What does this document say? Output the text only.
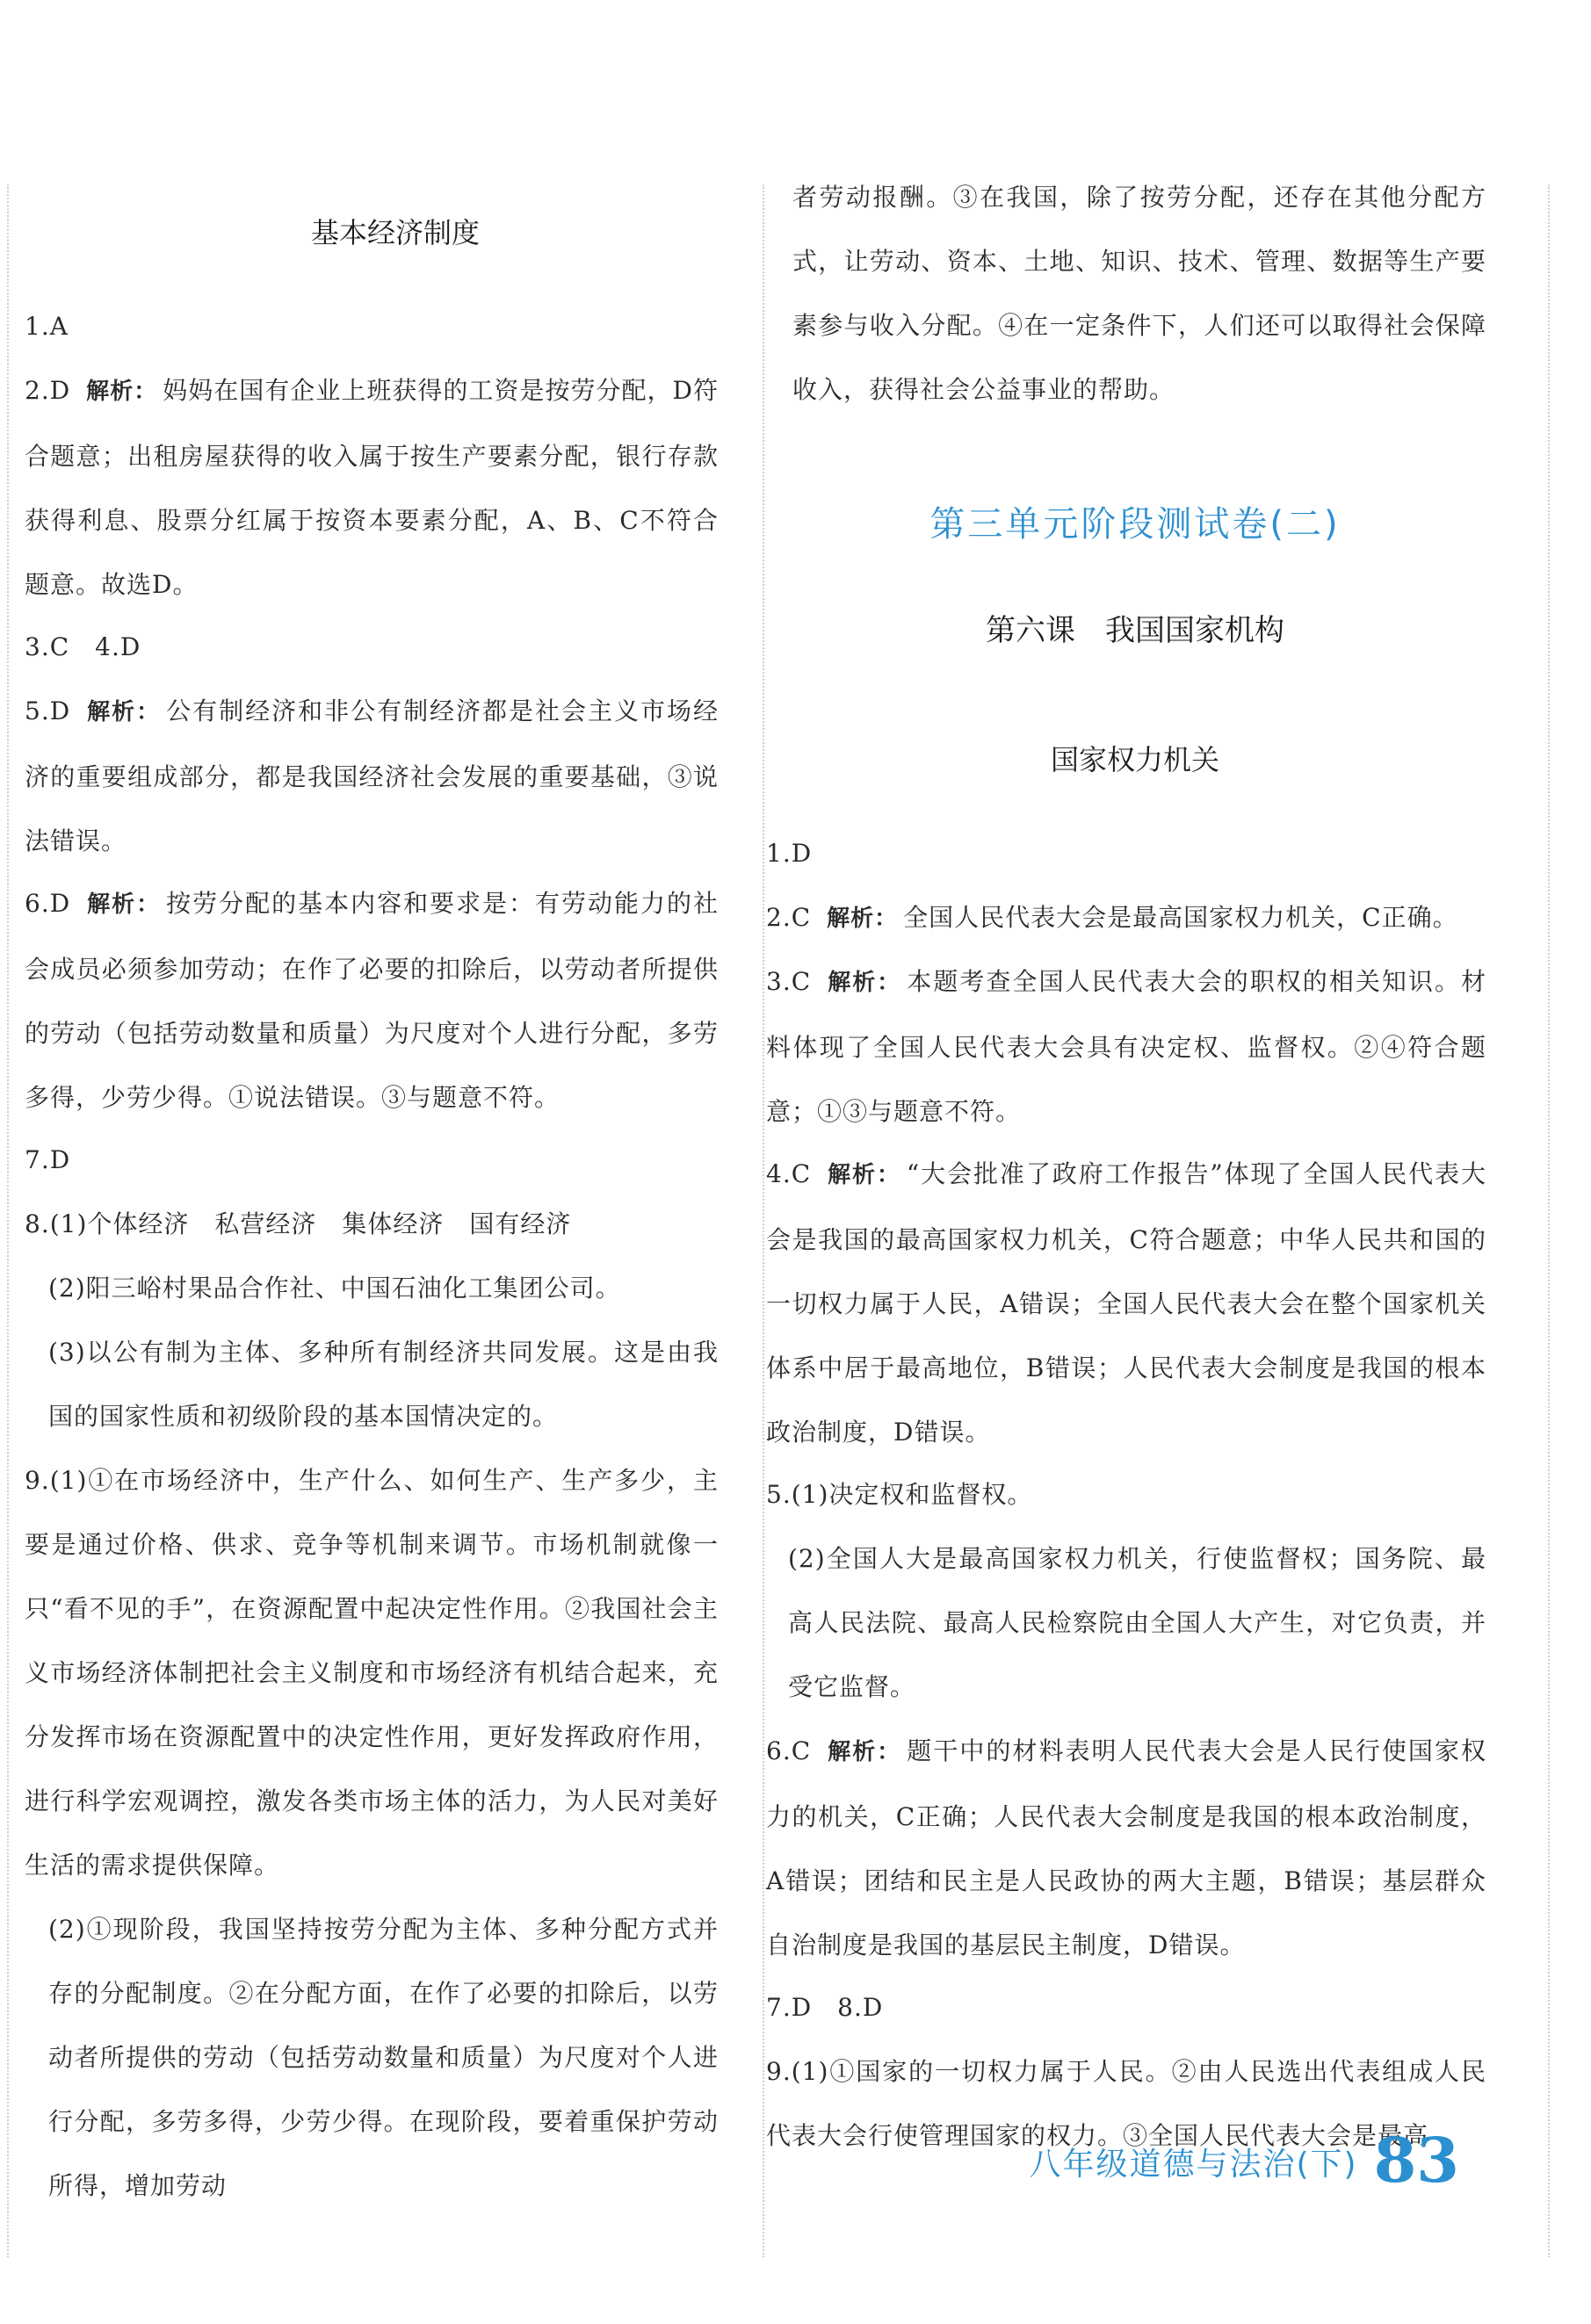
基本经济制度
1.A
2.D 解析： 妈妈在国有企业上班获得的工资是按劳分配，D符合题意；出租房屋获得的收入属于按生产要素分配，银行存款获得利息、股票分红属于按资本要素分配，A、B、C不符合题意。故选D。
3.C　4.D
5.D 解析： 公有制经济和非公有制经济都是社会主义市场经济的重要组成部分，都是我国经济社会发展的重要基础，③说法错误。
6.D 解析： 按劳分配的基本内容和要求是：有劳动能力的社会成员必须参加劳动；在作了必要的扣除后，以劳动者所提供的劳动（包括劳动数量和质量）为尺度对个人进行分配，多劳多得，少劳少得。①说法错误。③与题意不符。
7.D
8.(1)个体经济　私营经济　集体经济　国有经济
(2)阳三峪村果品合作社、中国石油化工集团公司。
(3)以公有制为主体、多种所有制经济共同发展。这是由我国的国家性质和初级阶段的基本国情决定的。
9.(1)①在市场经济中，生产什么、如何生产、生产多少，主要是通过价格、供求、竞争等机制来调节。市场机制就像一只“看不见的手”，在资源配置中起决定性作用。②我国社会主义市场经济体制把社会主义制度和市场经济有机结合起来，充分发挥市场在资源配置中的决定性作用，更好发挥政府作用，进行科学宏观调控，激发各类市场主体的活力，为人民对美好生活的需求提供保障。
(2)①现阶段，我国坚持按劳分配为主体、多种分配方式并存的分配制度。②在分配方面，在作了必要的扣除后，以劳动者所提供的劳动（包括劳动数量和质量）为尺度对个人进行分配，多劳多得，少劳少得。在现阶段，要着重保护劳动所得，增加劳动
者劳动报酬。③在我国，除了按劳分配，还存在其他分配方式，让劳动、资本、土地、知识、技术、管理、数据等生产要素参与收入分配。④在一定条件下，人们还可以取得社会保障收入，获得社会公益事业的帮助。
第三单元阶段测试卷(二)
第六课　我国国家机构
国家权力机关
1.D
2.C 解析： 全国人民代表大会是最高国家权力机关，C正确。
3.C 解析： 本题考查全国人民代表大会的职权的相关知识。材料体现了全国人民代表大会具有决定权、监督权。②④符合题意；①③与题意不符。
4.C 解析： “大会批准了政府工作报告”体现了全国人民代表大会是我国的最高国家权力机关，C符合题意；中华人民共和国的一切权力属于人民，A错误；全国人民代表大会在整个国家机关体系中居于最高地位，B错误；人民代表大会制度是我国的根本政治制度，D错误。
5.(1)决定权和监督权。
(2)全国人大是最高国家权力机关，行使监督权；国务院、最高人民法院、最高人民检察院由全国人大产生，对它负责，并受它监督。
6.C 解析： 题干中的材料表明人民代表大会是人民行使国家权力的机关，C正确；人民代表大会制度是我国的根本政治制度，A错误；团结和民主是人民政协的两大主题，B错误；基层群众自治制度是我国的基层民主制度，D错误。
7.D　8.D
9.(1)①国家的一切权力属于人民。②由人民选出代表组成人民代表大会行使管理国家的权力。③全国人民代表大会是最高
八年级道德与法治(下) 83
